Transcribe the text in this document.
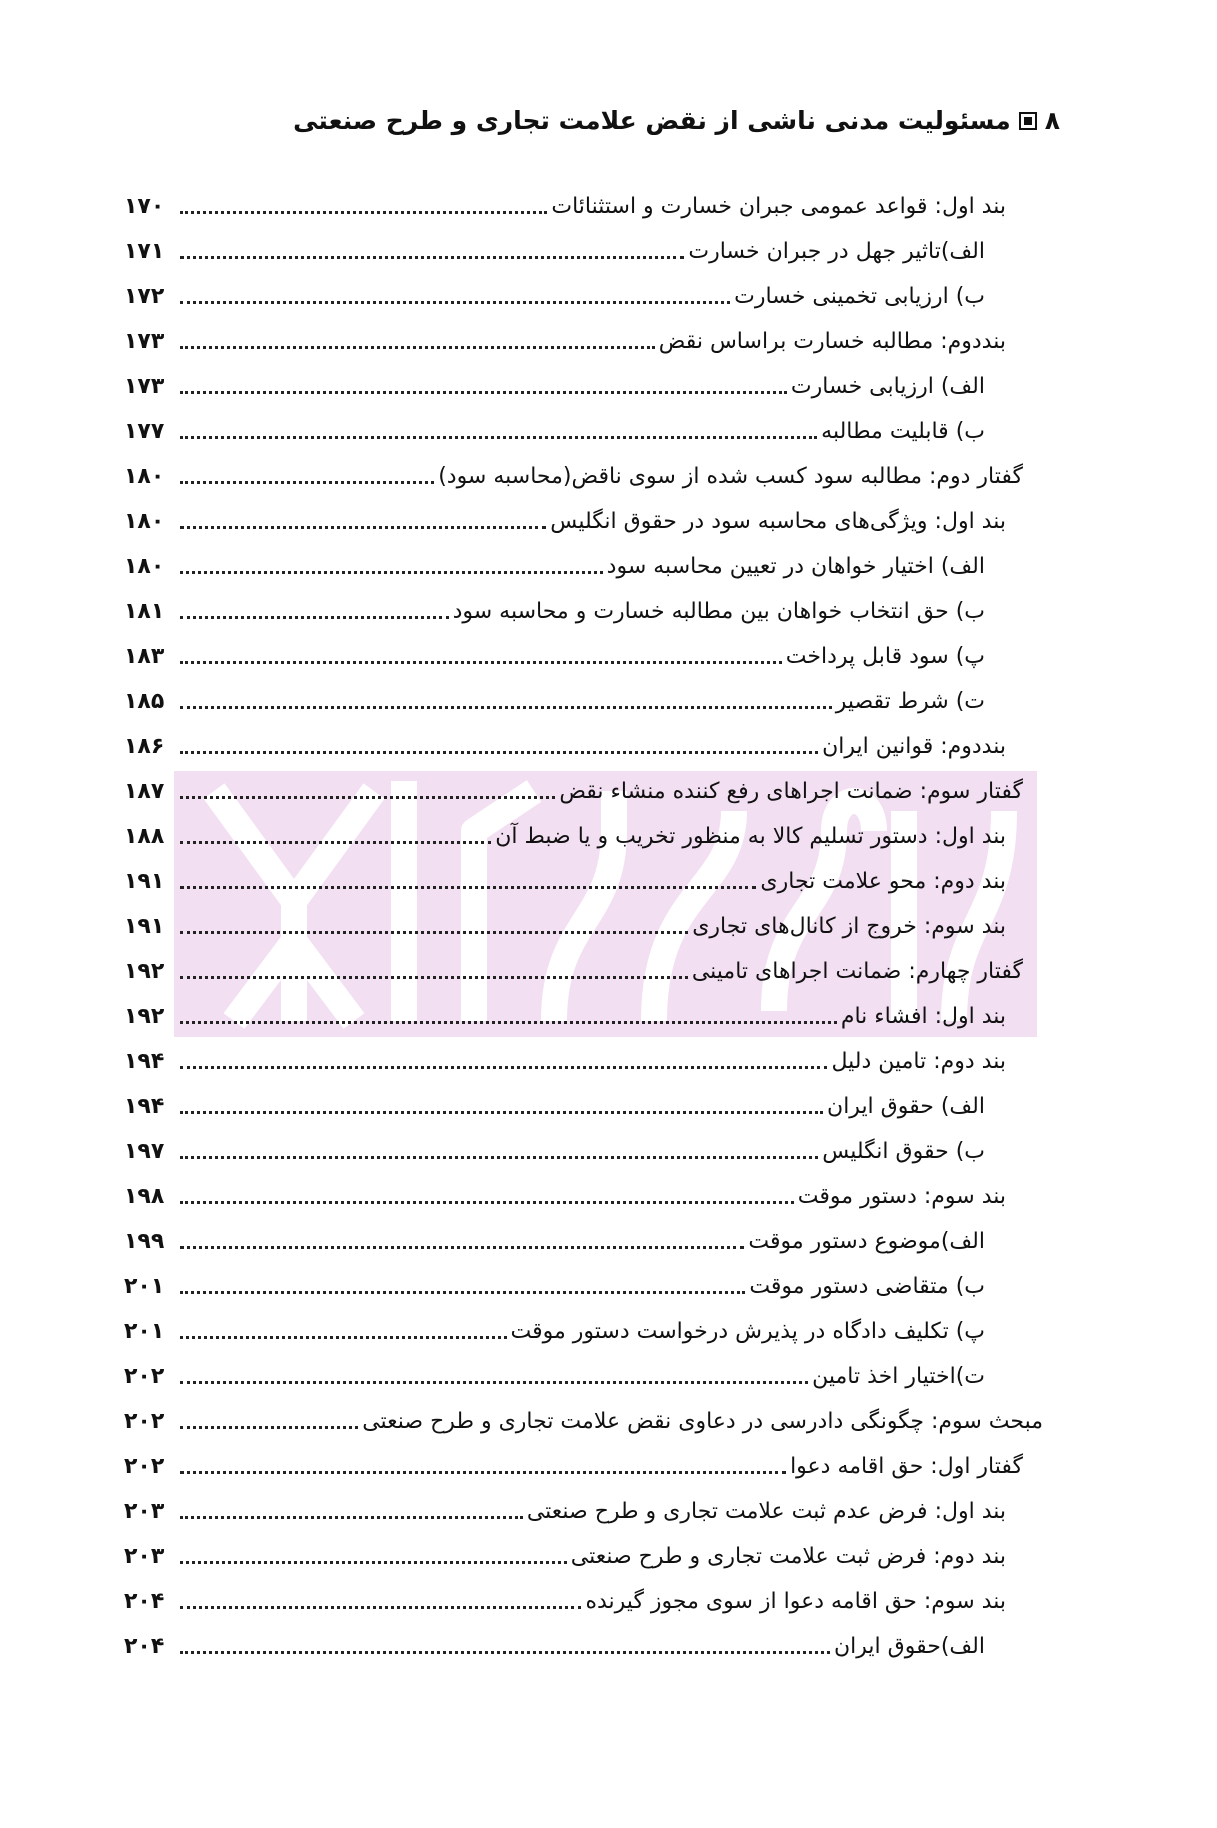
۸
مسئولیت مدنی ناشی از نقض علامت تجاری و طرح صنعتی
بند اول: قواعد عمومی جبران خسارت و استثنائات
۱۷۰
الف)تاثیر جهل در جبران خسارت
۱۷۱
ب) ارزیابی تخمینی خسارت
۱۷۲
بنددوم: مطالبه خسارت براساس نقض
۱۷۳
الف) ارزیابی خسارت
۱۷۳
ب) قابلیت مطالبه
۱۷۷
گفتار دوم: مطالبه سود کسب شده از سوی ناقض(محاسبه سود)
۱۸۰
بند اول: ویژگی‌های محاسبه سود در حقوق انگلیس
۱۸۰
الف) اختیار خواهان در تعیین محاسبه سود
۱۸۰
ب) حق انتخاب خواهان بین مطالبه خسارت و محاسبه سود
۱۸۱
پ) سود قابل پرداخت
۱۸۳
ت) شرط تقصیر
۱۸۵
بنددوم: قوانین ایران
۱۸۶
گفتار سوم: ضمانت اجراهای رفع کننده منشاء نقض
۱۸۷
بند اول: دستور تسلیم کالا به منظور تخریب و یا ضبط آن
۱۸۸
بند دوم: محو علامت تجاری
۱۹۱
بند سوم: خروج از کانال‌های تجاری
۱۹۱
گفتار چهارم: ضمانت اجراهای تامینی
۱۹۲
بند اول: افشاء نام
۱۹۲
بند دوم: تامین دلیل
۱۹۴
الف) حقوق ایران
۱۹۴
ب) حقوق انگلیس
۱۹۷
بند سوم: دستور موقت
۱۹۸
الف)موضوع دستور موقت
۱۹۹
ب) متقاضی دستور موقت
۲۰۱
پ) تکلیف دادگاه در پذیرش درخواست دستور موقت
۲۰۱
ت)اختیار اخذ تامین
۲۰۲
مبحث سوم: چگونگی دادرسی در دعاوی نقض علامت تجاری و طرح صنعتی
۲۰۲
گفتار اول: حق اقامه دعوا
۲۰۲
بند اول: فرض عدم ثبت علامت تجاری و طرح صنعتی
۲۰۳
بند دوم: فرض ثبت علامت تجاری و طرح صنعتی
۲۰۳
بند سوم: حق اقامه دعوا از سوی مجوز گیرنده
۲۰۴
الف)حقوق ایران
۲۰۴
